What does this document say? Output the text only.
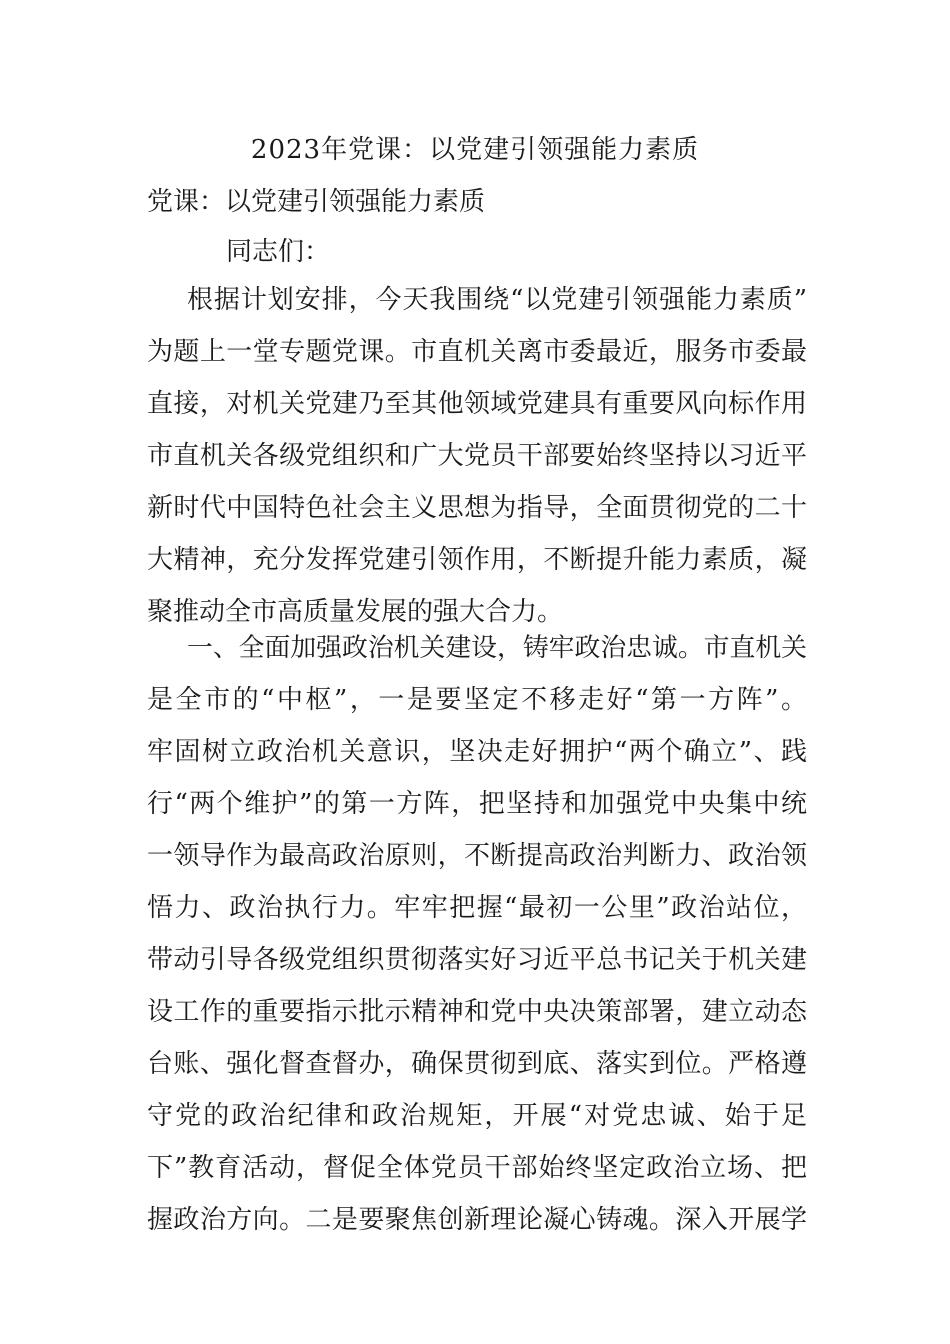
2023年党课：以党建引领强能力素质
党课：以党建引领强能力素质
同志们：
根据计划安排，今天我围绕“以党建引领强能力素质”
为题上一堂专题党课。市直机关离市委最近，服务市委最
直接，对机关党建乃至其他领域党建具有重要风向标作用
市直机关各级党组织和广大党员干部要始终坚持以习近平
新时代中国特色社会主义思想为指导，全面贯彻党的二十
大精神，充分发挥党建引领作用，不断提升能力素质，凝
聚推动全市高质量发展的强大合力。
一、全面加强政治机关建设，铸牢政治忠诚。市直机关
是全市的“中枢”，一是要坚定不移走好“第一方阵”。
牢固树立政治机关意识，坚决走好拥护“两个确立”、践
行“两个维护”的第一方阵，把坚持和加强党中央集中统
一领导作为最高政治原则，不断提高政治判断力、政治领
悟力、政治执行力。牢牢把握“最初一公里”政治站位，
带动引导各级党组织贯彻落实好习近平总书记关于机关建
设工作的重要指示批示精神和党中央决策部署，建立动态
台账、强化督查督办，确保贯彻到底、落实到位。严格遵
守党的政治纪律和政治规矩，开展“对党忠诚、始于足
下”教育活动，督促全体党员干部始终坚定政治立场、把
握政治方向。二是要聚焦创新理论凝心铸魂。深入开展学
